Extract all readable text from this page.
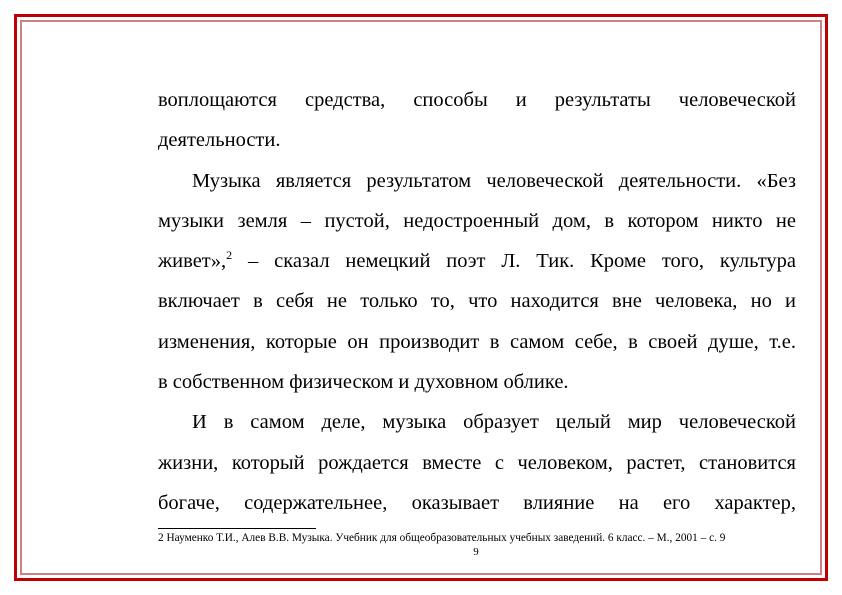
воплощаются средства, способы и результаты человеческой
деятельности.
Музыка является результатом человеческой деятельности. «Без
музыки земля – пустой, недостроенный дом, в котором никто не
живет»,$^2$ – сказал немецкий поэт Л. Тик. Кроме того, культура
включает в себя не только то, что находится вне человека, но и
изменения, которые он производит в самом себе, в своей душе, т.е.
в собственном физическом и духовном облике.
И в самом деле, музыка образует целый мир человеческой
жизни, который рождается вместе с человеком, растет, становится
богаче, содержательнее, оказывает влияние на его характер,
2 Науменко Т.И., Алев В.В. Музыка. Учебник для общеобразовательных учебных заведений. 6 класс. – М., 2001 – с. 9
9
